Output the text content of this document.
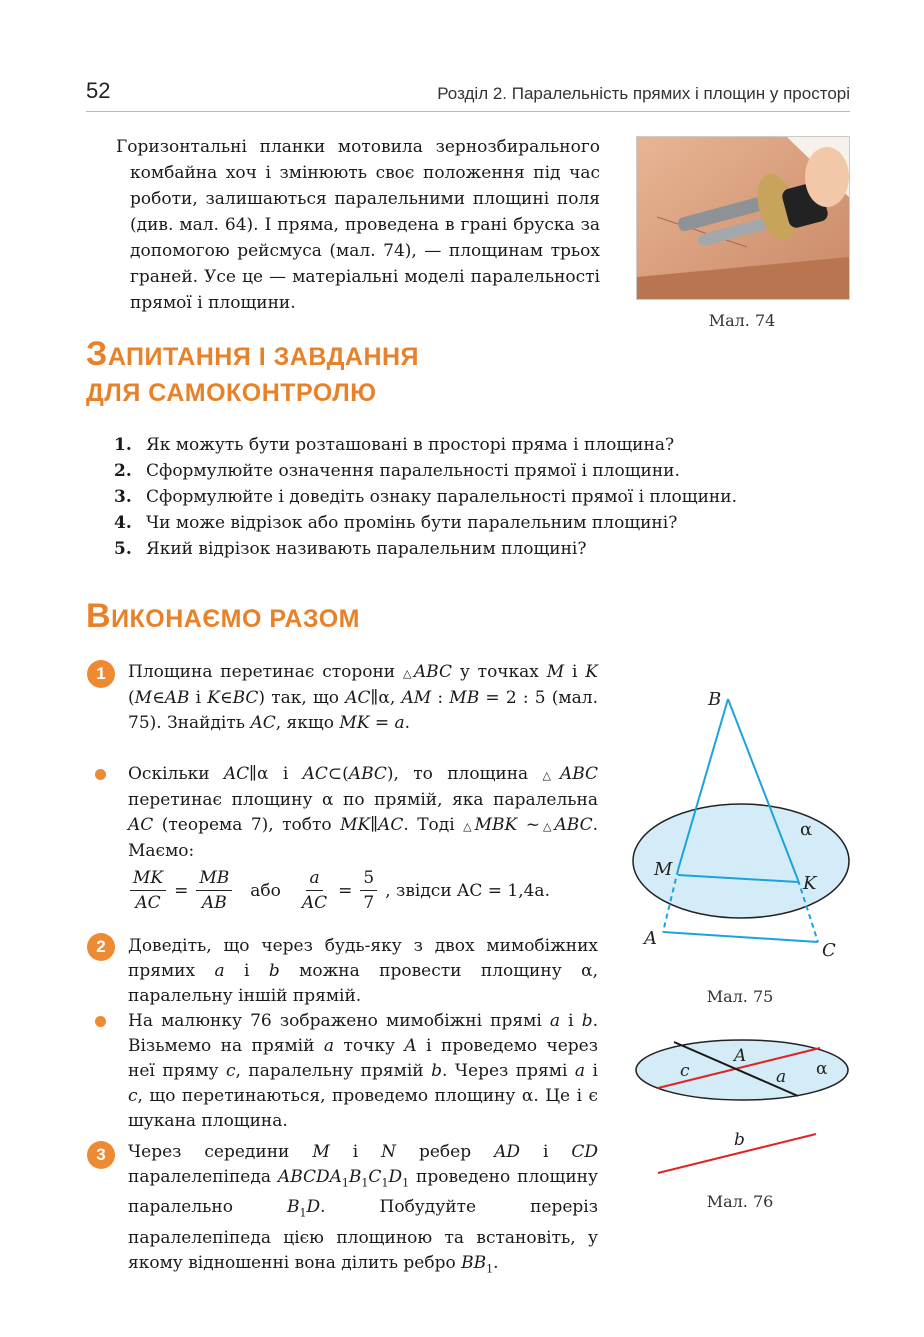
52	Розділ 2. Паралельність прямих і площин у просторі
Горизонтальні планки мотовила зернозбирального комбайна хоч і змінюють своє положення під час роботи, залишаються паралельними площині поля (див. мал. 64). І пряма, проведена в грані бруска за допомогою рейсмуса (мал. 74), — площинам трьох граней. Усе це — матеріальні моделі паралельності прямої і площини.
Мал. 74
ЗАПИТАННЯ І ЗАВДАННЯ
ДЛЯ САМОКОНТРОЛЮ
1. Як можуть бути розташовані в просторі пряма і площина?
2. Сформулюйте означення паралельності прямої і площини.
3. Сформулюйте і доведіть ознаку паралельності прямої і площини.
4. Чи може відрізок або промінь бути паралельним площині?
5. Який відрізок називають паралельним площині?
ВИКОНАЄМО РАЗОМ
1
2
3
Площина перетинає сторони △ABC у точках M і K (M∈AB і K∈BC) так, що AC∥α, AM : MB = 2 : 5 (мал. 75). Знайдіть AC, якщо MK = a.
Оскільки AC∥α і AC⊂(ABC), то площина △ABC перетинає площину α по прямій, яка паралельна AC (теорема 7), тобто MK∥AC. Тоді △MBK ~△ABC. Маємо:
$\frac{MK}{AC} = \frac{MB}{AB}$ або $\frac{a}{AC} = \frac{5}{7}$ , звідси AC = 1,4a.
Доведіть, що через будь-яку з двох мимобіжних прямих a і b можна провести площину α, паралельну іншій прямій.
На малюнку 76 зображено мимобіжні прямі a і b. Візьмемо на прямій a точку A і проведемо через неї пряму c, паралельну прямій b. Через прямі a і c, що перетинаються, проведемо площину α. Це і є шукана площина.
Через середини M і N ребер AD і CD паралелепіпеда $ABCDA_1B_1C_1D_1$ проведено площину паралельно $B_1D$. Побудуйте переріз паралелепіпеда цією площиною та встановіть, у якому відношенні вона ділить ребро $BB_1$.
B
M
K
A
C
α
Мал. 75
A
c	a α
b
Мал. 76
